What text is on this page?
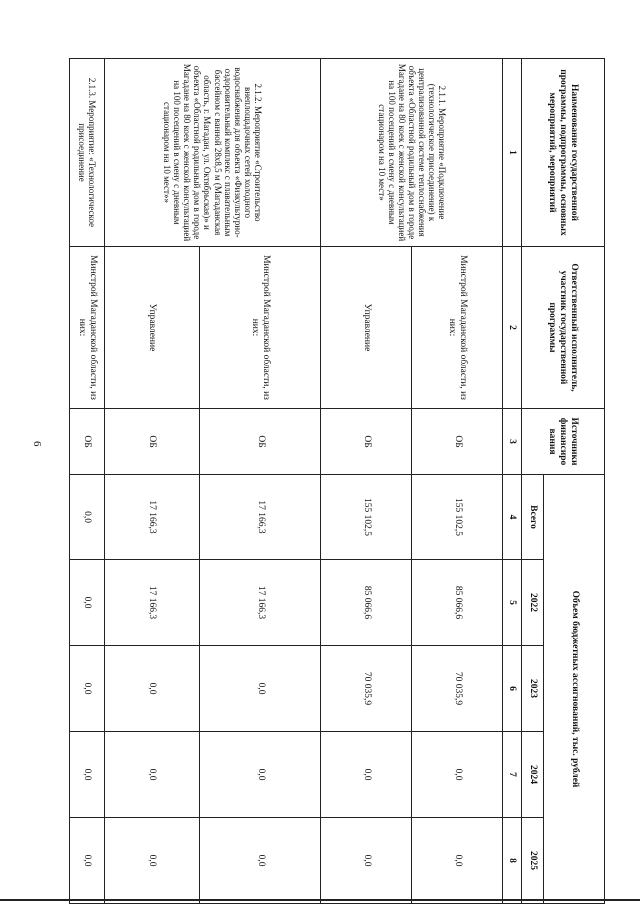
6
Наименование государственной программы, подпрограммы, основных мероприятий, мероприятий	Ответственный исполнитель, участник государственной программы	Источники финансиро вания	Объем бюджетных ассигнований, тыс. рублей				
			Всего	2022	2023	2024	2025
1	2	3	4	5	6	7	8
2.1.1. Мероприятие «Подключение (технологическое присоединение) к централизованной системе теплоснабжения объекта «Областной родильный дом в городе Магадане на 80 коек с женской консультацией на 100 посещений в смену с дневным стационаром на 10 мест»	Минстрой Магаданской области, из них:	ОБ	155 102,5	85 066,6	70 035,9	0,0	0,0
	Управление	ОБ	155 102,5	85 066,6	70 035,9	0,0	0,0
2.1.2. Мероприятие «Строительство внеплощадочных сетей холодного водоснабжения для объекта «Физкультурно-оздоровительный комплекс с плавательным бассейном с ванной 28х8,5 м (Магаданская область, г. Магадан, ул. Октябрьская)» и объекта «Областной родильный дом в городе Магадане на 80 коек с женской консультацией на 100 посещений в смену с дневным стационаром на 10 мест»»	Минстрой Магаданской области, из них:	ОБ	17 166,3	17 166,3	0,0	0,0	0,0
	Управление	ОБ	17 166,3	17 166,3	0,0	0,0	0,0
2.1.3. Мероприятие: «Технологическое присоединение	Минстрой Магаданской области, из них:	ОБ	0,0	0,0	0,0	0,0	0,0
